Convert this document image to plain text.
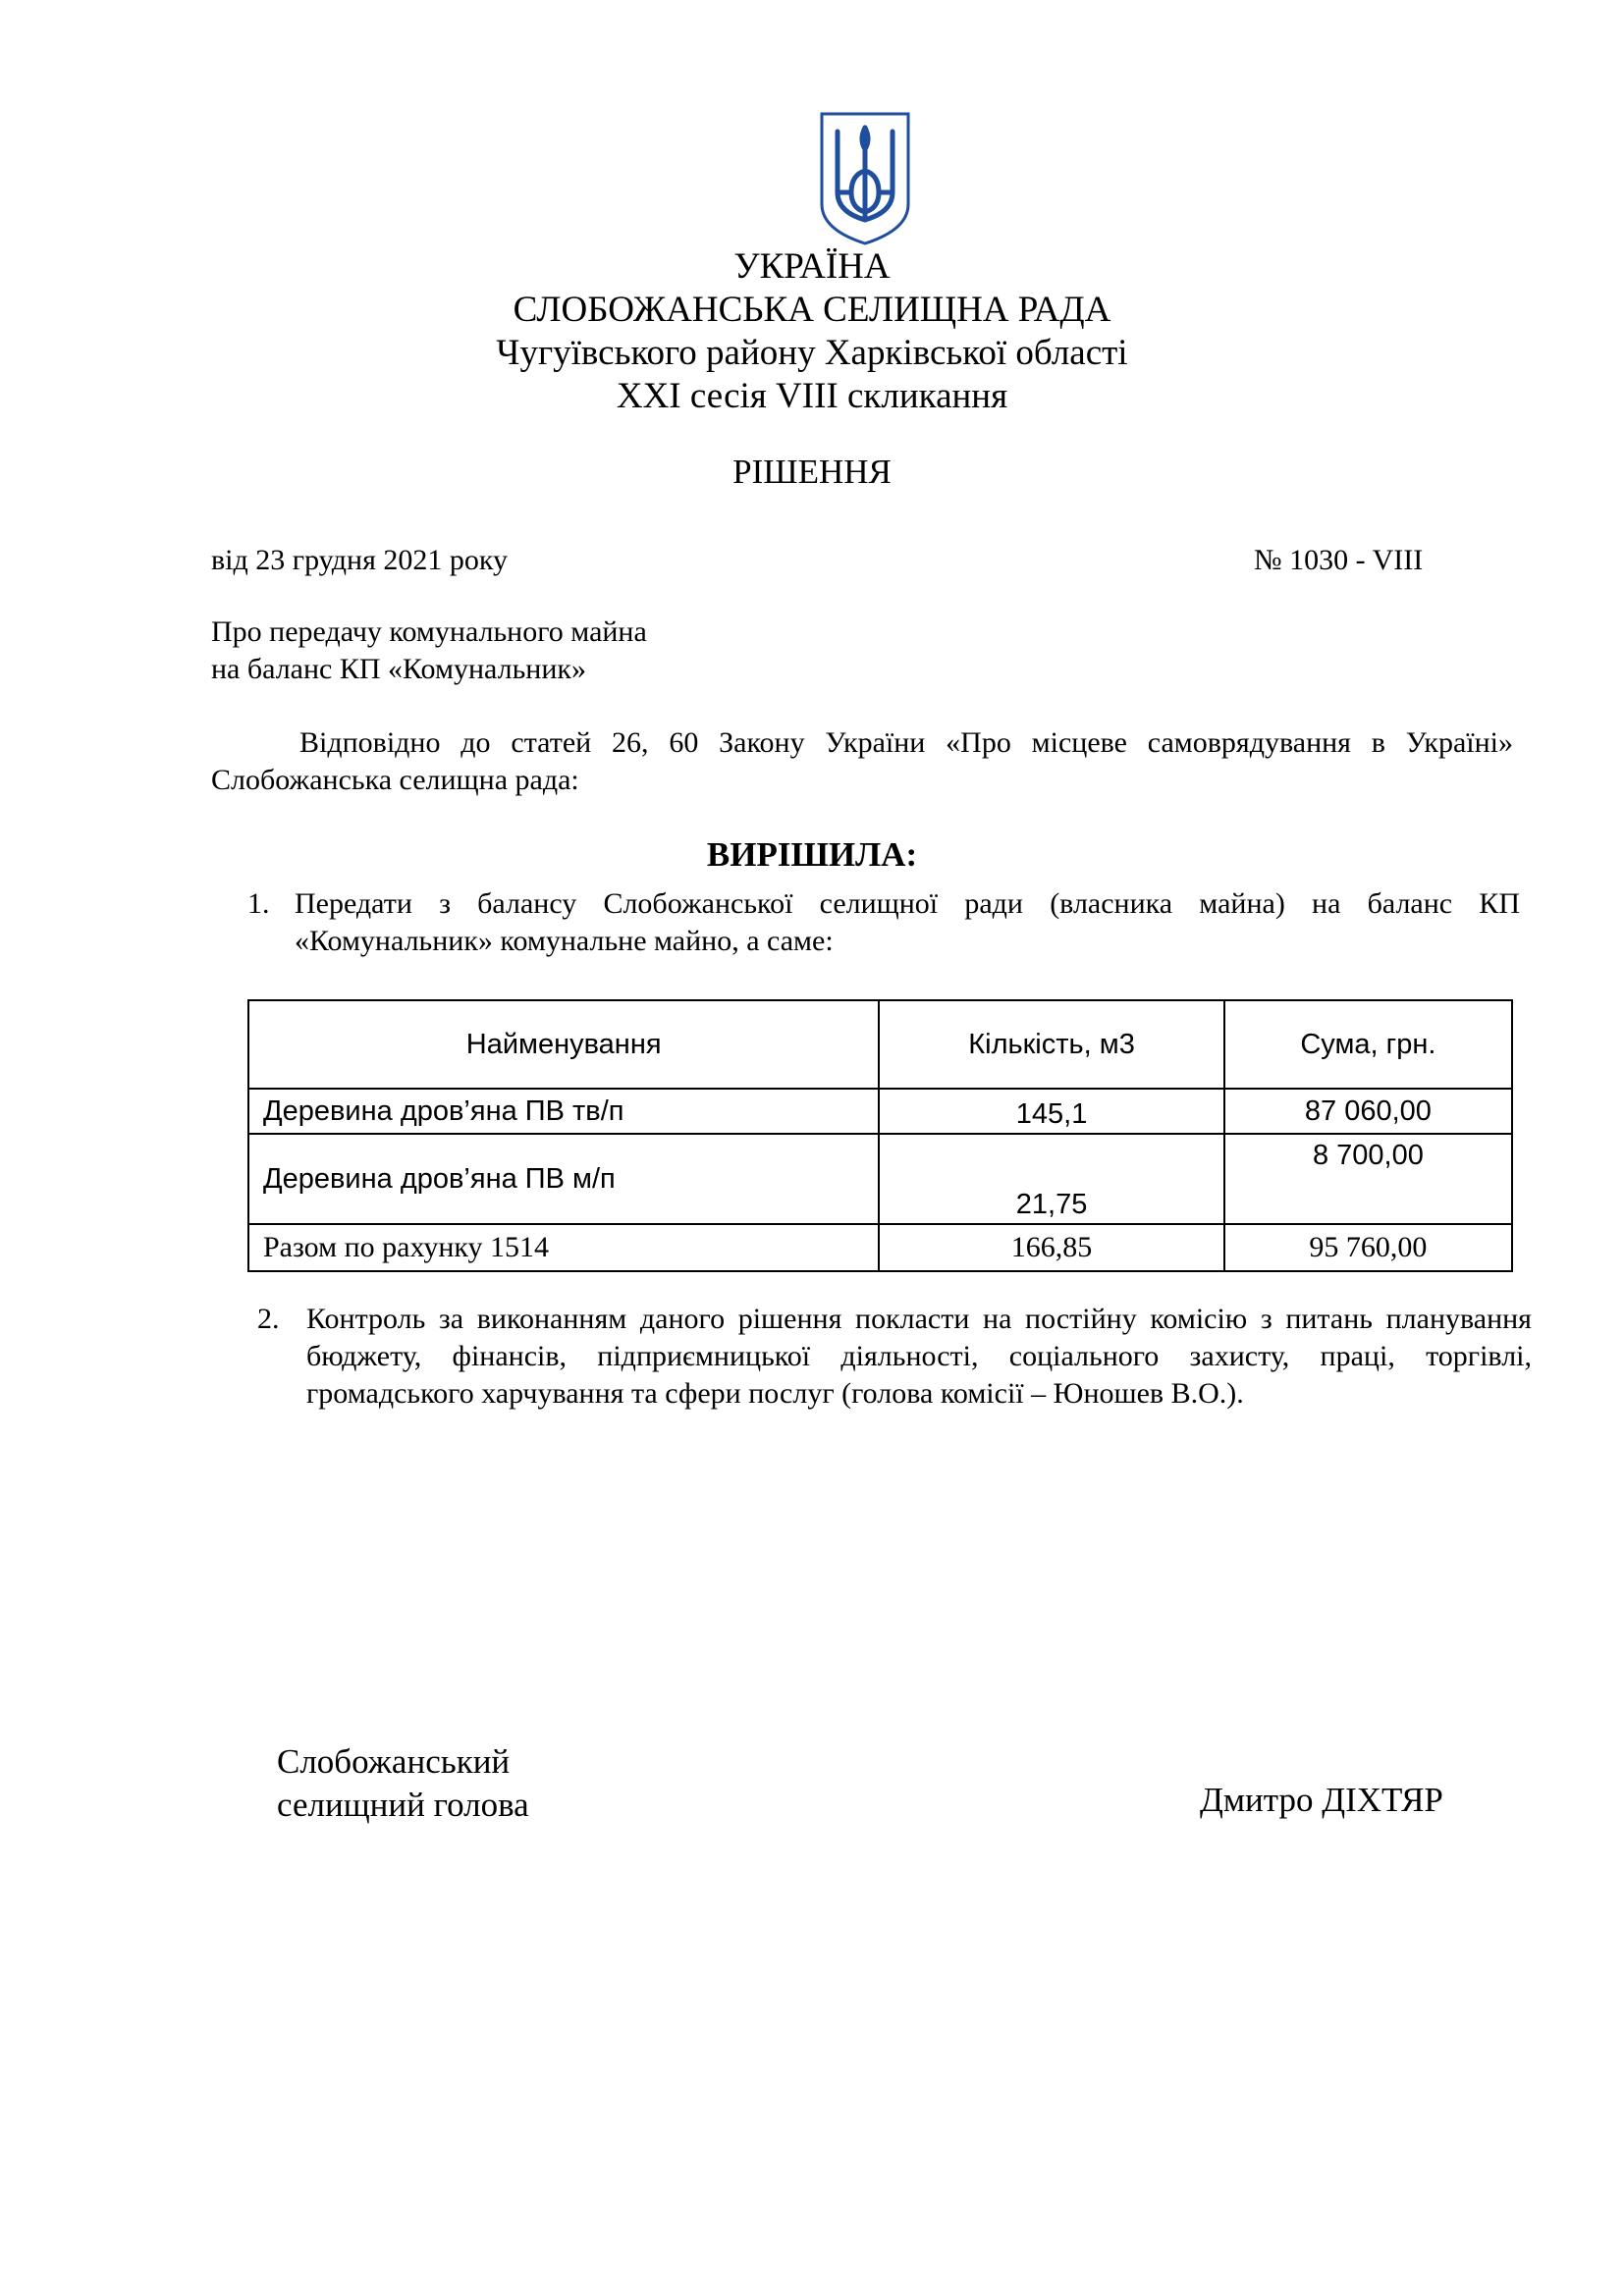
УКРАЇНА
СЛОБОЖАНСЬКА СЕЛИЩНА РАДА
Чугуївського району Харківської області
XXI сесія VIII скликання
РІШЕННЯ
від 23 грудня 2021 року	№ 1030 - VIII
Про передачу комунального майна
на баланс КП «Комунальник»
Відповідно до статей 26, 60 Закону України «Про місцеве самоврядування в Україні» Слобожанська селищна рада:
ВИРІШИЛА:
1. Передати з балансу Слобожанської селищної ради (власника майна) на баланс КП «Комунальник» комунальне майно, а саме:
Найменування	Кількість, м3	Сума, грн.
Деревина дров’яна ПВ тв/п	145,1	87 060,00
Деревина дров’яна ПВ м/п	21,75	8 700,00
Разом по рахунку 1514	166,85	95 760,00
2. Контроль за виконанням даного рішення покласти на постійну комісію з питань планування бюджету, фінансів, підприємницької діяльності, соціального захисту, праці, торгівлі, громадського харчування та сфери послуг (голова комісії – Юношев В.О.).
Слобожанський
селищний голова	Дмитро ДІХТЯР
